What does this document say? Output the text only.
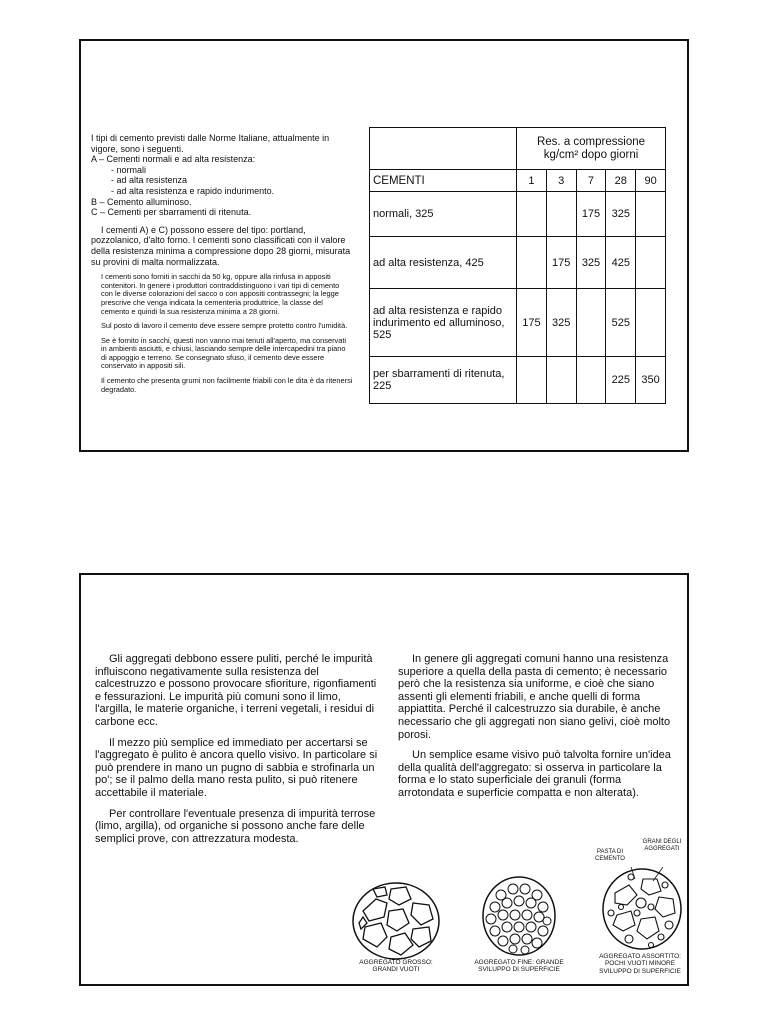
I tipi di cemento previsti dalle Norme Italiane, attualmente in vigore, sono i seguenti.

A – Cementi normali e ad alta resistenza:
- normali
- ad alta resistenza
- ad alta resistenza e rapido indurimento.
B – Cemento alluminoso.
C – Cementi per sbarramenti di ritenuta.

I cementi A) e C) possono essere del tipo: portland, pozzolanico, d'alto forno. I cementi sono classificati con il valore della resistenza minima a compressione dopo 28 giorni, misurata su provini di malta normalizzata.

I cementi sono forniti in sacchi da 50 kg, oppure alla rinfusa in appositi contenitori. In genere i produttori contraddistinguono i vari tipi di cemento con le diverse colorazioni del sacco o con appositi contrassegni; la legge prescrive che venga indicata la cementeria produttrice, la classe del cemento e quindi la sua resistenza minima a 28 giorni.

Sul posto di lavoro il cemento deve essere sempre protetto contro l'umidità.

Se è fornito in sacchi, questi non vanno mai tenuti all'aperto, ma conservati in ambienti asciutti, e chiusi, lasciando sempre delle intercapedini tra piano di appoggio e terreno. Se consegnato sfuso, il cemento deve essere conservato in appositi sili.

Il cemento che presenta grumi non facilmente friabili con le dita è da ritenersi degradato.

	Res. a compressione
kg/cm² dopo giorni				

CEMENTI	1	3	7	28	90
normali, 325			175	325	
ad alta resistenza, 425		175	325	425	
ad alta resistenza e rapido indurimento ed alluminoso, 525	175	325		525	
per sbarramenti di ritenuta, 225				225	350

Gli aggregati debbono essere puliti, perché le impurità influiscono negativamente sulla resistenza del calcestruzzo e possono provocare sfioriture, rigonfiamenti e fessurazioni. Le impurità più comuni sono il limo, l'argilla, le materie organiche, i terreni vegetali, i residui di carbone ecc.

Il mezzo più semplice ed immediato per accertarsi se l'aggregato è pulito è ancora quello visivo. In particolare si può prendere in mano un pugno di sabbia e strofinarla un po'; se il palmo della mano resta pulito, si può ritenere accettabile il materiale.

Per controllare l'eventuale presenza di impurità terrose (limo, argilla), od organiche si possono anche fare delle semplici prove, con attrezzatura modesta.

In genere gli aggregati comuni hanno una resistenza superiore a quella della pasta di cemento; è necessario però che la resistenza sia uniforme, e cioè che siano assenti gli elementi friabili, e anche quelli di forma appiattita. Perché il calcestruzzo sia durabile, è anche necessario che gli aggregati non siano gelivi, cioè molto porosi.

Un semplice esame visivo può talvolta fornire un'idea della qualità dell'aggregato: si osserva in particolare la forma e lo stato superficiale dei granuli (forma arrotondata e superficie compatta e non alterata).

AGGREGATO GROSSO: GRANDI VUOTI
AGGREGATO FINE: GRANDE SVILUPPO DI SUPERFICIE
PASTA DI CEMENTO
GRANI DEGLI AGGREGATI
AGGREGATO ASSORTITO: POCHI VUOTI MINORE SVILUPPO DI SUPERFICIE
